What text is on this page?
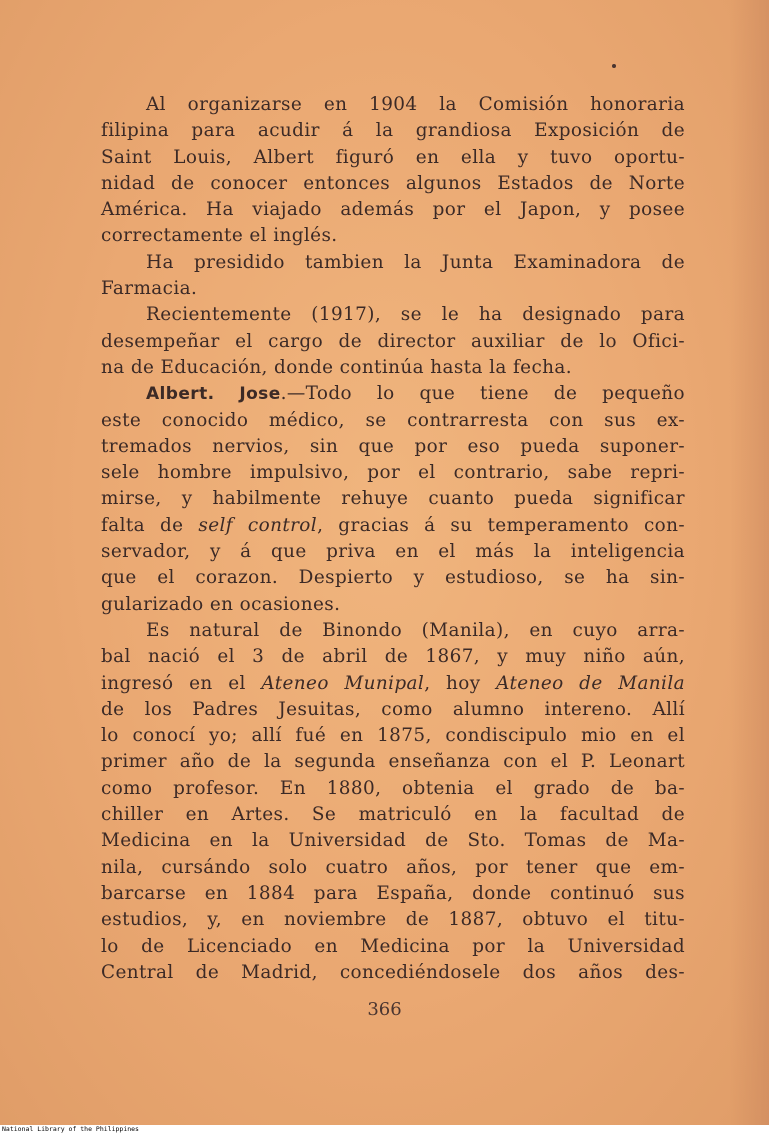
Al organizarse en 1904 la Comisión honoraria
filipina para acudir á la grandiosa Exposición de
Saint Louis, Albert figuró en ella y tuvo oportu-
nidad de conocer entonces algunos Estados de Norte
América. Ha viajado además por el Japon, y posee
correctamente el inglés.
Ha presidido tambien la Junta Examinadora de
Farmacia.
Recientemente (1917), se le ha designado para
desempeñar el cargo de director auxiliar de lo Ofici-
na de Educación, donde continúa hasta la fecha.
Albert. Jose.—Todo lo que tiene de pequeño
este conocido médico, se contrarresta con sus ex-
tremados nervios, sin que por eso pueda suponer-
sele hombre impulsivo, por el contrario, sabe repri-
mirse, y habilmente rehuye cuanto pueda significar
falta de self control, gracias á su temperamento con-
servador, y á que priva en el más la inteligencia
que el corazon. Despierto y estudioso, se ha sin-
gularizado en ocasiones.
Es natural de Binondo (Manila), en cuyo arra-
bal nació el 3 de abril de 1867, y muy niño aún,
ingresó en el Ateneo Munipal, hoy Ateneo de Manila
de los Padres Jesuitas, como alumno intereno. Allí
lo conocí yo; allí fué en 1875, condiscipulo mio en el
primer año de la segunda enseñanza con el P. Leonart
como profesor. En 1880, obtenia el grado de ba-
chiller en Artes. Se matriculó en la facultad de
Medicina en la Universidad de Sto. Tomas de Ma-
nila, cursándo solo cuatro años, por tener que em-
barcarse en 1884 para España, donde continuó sus
estudios, y, en noviembre de 1887, obtuvo el titu-
lo de Licenciado en Medicina por la Universidad
Central de Madrid, concediéndosele dos años des-
366
National Library of the Philippines
